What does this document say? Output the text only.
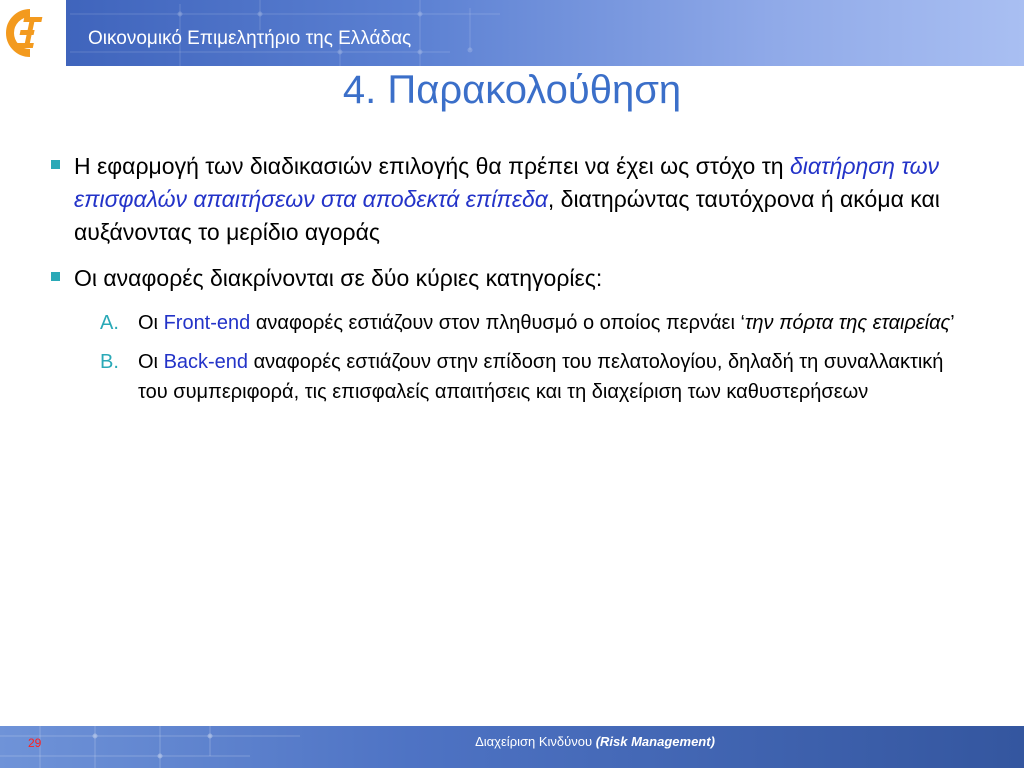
Οικονομικό Επιμελητήριο της Ελλάδας
4. Παρακολούθηση
Η εφαρμογή των διαδικασιών επιλογής θα πρέπει να έχει ως στόχο τη διατήρηση των επισφαλών απαιτήσεων στα αποδεκτά επίπεδα, διατηρώντας ταυτόχρονα ή ακόμα και αυξάνοντας το μερίδιο αγοράς
Οι αναφορές διακρίνονται σε δύο κύριες κατηγορίες:
A. Οι Front-end αναφορές εστιάζουν στον πληθυσμό ο οποίος περνάει ‘την πόρτα της εταιρείας’
B. Οι Back-end αναφορές εστιάζουν στην επίδοση του πελατολογίου, δηλαδή τη συναλλακτική του συμπεριφορά, τις επισφαλείς απαιτήσεις και τη διαχείριση των καθυστερήσεων
29	Διαχείριση Κινδύνου (Risk Management)
